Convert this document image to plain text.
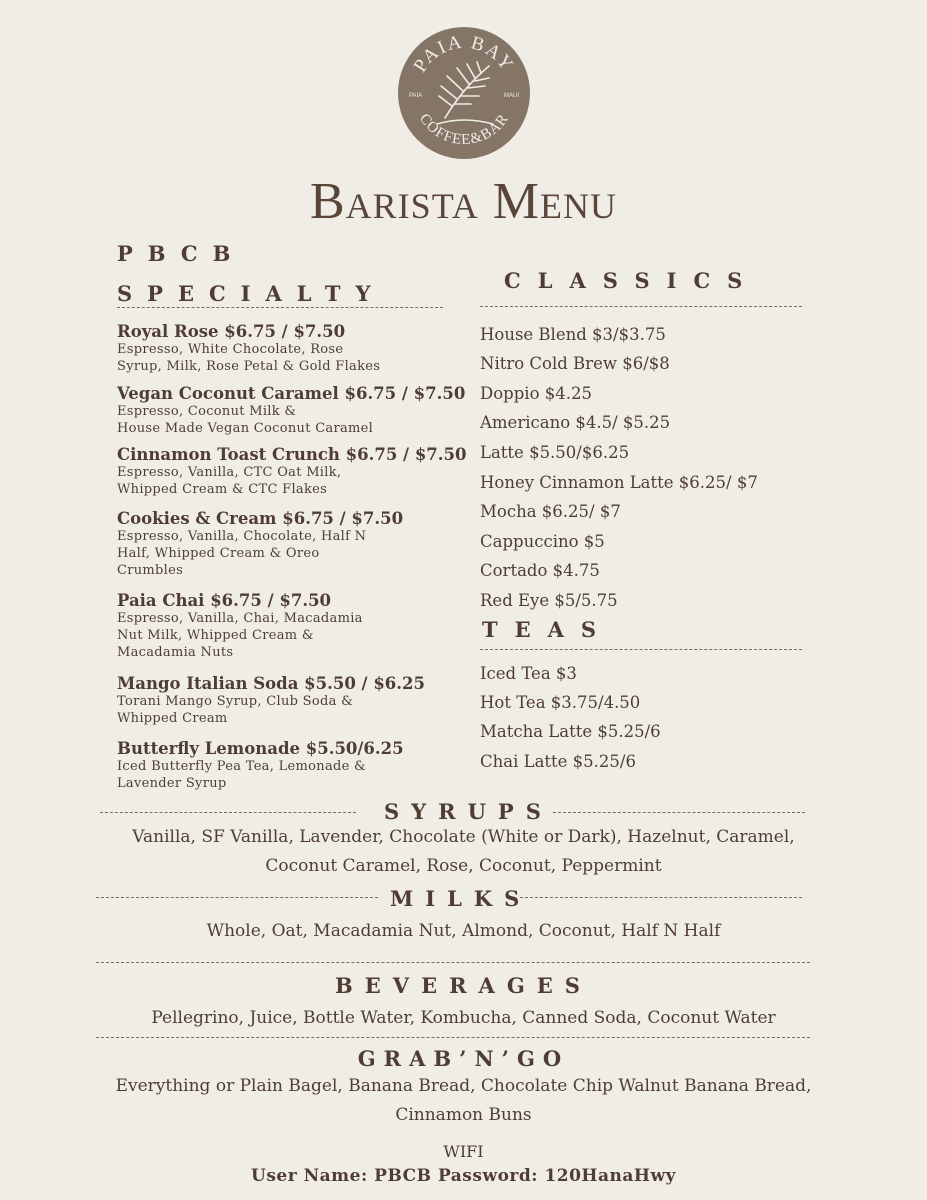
PAIA BAY
COFFEE&BAR
PAIA	MAUI
Barista Menu
PBCB
SPECIALTY
Royal Rose $6.75 / $7.50
Espresso, White Chocolate, Rose
Syrup, Milk, Rose Petal & Gold Flakes
Vegan Coconut Caramel $6.75 / $7.50
Espresso, Coconut Milk &
House Made Vegan Coconut Caramel
Cinnamon Toast Crunch $6.75 / $7.50
Espresso, Vanilla, CTC Oat Milk,
Whipped Cream & CTC Flakes
Cookies & Cream $6.75 / $7.50
Espresso, Vanilla, Chocolate, Half N
Half, Whipped Cream & Oreo
Crumbles
Paia Chai $6.75 / $7.50
Espresso, Vanilla, Chai, Macadamia
Nut Milk, Whipped Cream &
Macadamia Nuts
Mango Italian Soda $5.50 / $6.25
Torani Mango Syrup, Club Soda &
Whipped Cream
Butterfly Lemonade $5.50/6.25
Iced Butterfly Pea Tea, Lemonade &
Lavender Syrup
CLASSICS
House Blend $3/$3.75
Nitro Cold Brew $6/$8
Doppio $4.25
Americano $4.5/ $5.25
Latte $5.50/$6.25
Honey Cinnamon Latte $6.25/ $7
Mocha $6.25/ $7
Cappuccino $5
Cortado $4.75
Red Eye $5/5.75
TEAS
Iced Tea $3
Hot Tea $3.75/4.50
Matcha Latte $5.25/6
Chai Latte $5.25/6
SYRUPS
Vanilla, SF Vanilla, Lavender, Chocolate (White or Dark), Hazelnut, Caramel,
Coconut Caramel, Rose, Coconut, Peppermint
MILKS
Whole, Oat, Macadamia Nut, Almond, Coconut, Half N Half
BEVERAGES
Pellegrino, Juice, Bottle Water, Kombucha, Canned Soda, Coconut Water
GRAB’N’GO
Everything or Plain Bagel, Banana Bread, Chocolate Chip Walnut Banana Bread,
Cinnamon Buns
WIFI
User Name: PBCB Password: 120HanaHwy
